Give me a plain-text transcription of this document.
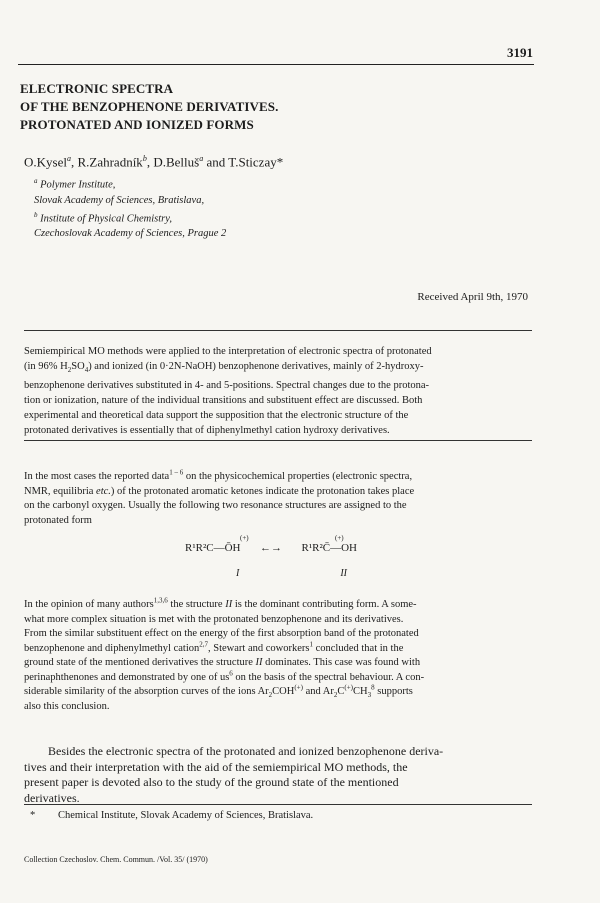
3191
ELECTRONIC SPECTRA
OF THE BENZOPHENONE DERIVATIVES.
PROTONATED AND IONIZED FORMS
O.Kysel$^a$, R.Zahradník$^b$, D.Belluš$^a$ and T.Sticzay*
$^a$ Polymer Institute,
Slovak Academy of Sciences, Bratislava,
$^b$ Institute of Physical Chemistry,
Czechoslovak Academy of Sciences, Prague 2
Received April 9th, 1970
Semiempirical MO methods were applied to the interpretation of electronic spectra of protonated
(in 96% $H_2SO_4$) and ionized (in 0·2N-NaOH) benzophenone derivatives, mainly of 2-hydroxy-
benzophenone derivatives substituted in 4- and 5-positions. Spectral changes due to the protona-
tion or ionization, nature of the individual transitions and substituent effect are discussed. Both
experimental and theoretical data support the supposition that the electronic structure of the
protonated derivatives is essentially that of diphenylmethyl cation hydroxy derivatives.
In the most cases the reported data$^{1 - 6}$ on the physicochemical properties (electronic spectra,
NMR, equilibria etc.) of the protonated aromatic ketones indicate the protonation takes place
on the carbonyl oxygen. Usually the following two resonance structures are assigned to the
protonated form
(+)
R¹R²C—ŌH ←→
(+)
R¹R²C̄—OH
I	II
In the opinion of many authors$^{1,3,6}$ the structure II is the dominant contributing form. A some-
what more complex situation is met with the protonated benzophenone and its derivatives.
From the similar substituent effect on the energy of the first absorption band of the protonated
benzophenone and diphenylmethyl cation$^{2,7}$, Stewart and coworkers$^1$ concluded that in the
ground state of the mentioned derivatives the structure II dominates. This case was found with
perinaphthenones and demonstrated by one of $us^6$ on the basis of the spectral behaviour. A con-
siderable similarity of the absorption curves of the ions $Ar_2COH^{(+)}$ and $Ar_2C^{(+)}CH_3^8$ supports
also this conclusion.
Besides the electronic spectra of the protonated and ionized benzophenone deriva-
tives and their interpretation with the aid of the semiempirical MO methods, the
present paper is devoted also to the study of the ground state of the mentioned
derivatives.
* Chemical Institute, Slovak Academy of Sciences, Bratislava.
Collection Czechoslov. Chem. Commun. /Vol. 35/ (1970)
